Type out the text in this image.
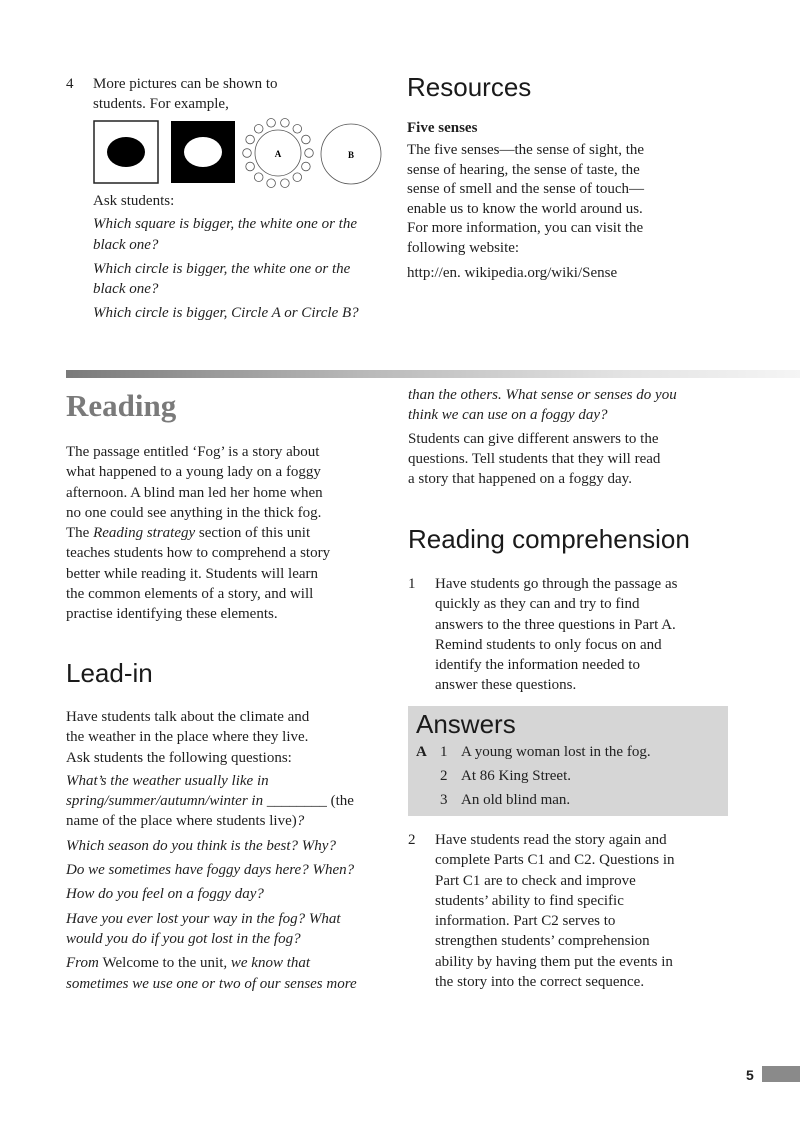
4 More pictures can be shown to

students. For example,

A	B

Ask students:

Which square is bigger, the white one or the

black one?

Which circle is bigger, the white one or the

black one?

Which circle is bigger, Circle A or Circle B?

Resources
Five senses

The five senses—the sense of sight, the

sense of hearing, the sense of taste, the

sense of smell and the sense of touch—

enable us to know the world around us.

For more information, you can visit the

following website:

http://en. wikipedia.org/wiki/Sense

Reading

The passage entitled ‘Fog’ is a story about

what happened to a young lady on a foggy

afternoon. A blind man led her home when

no one could see anything in the thick fog.

The Reading strategy section of this unit

teaches students how to comprehend a story

better while reading it. Students will learn

the common elements of a story, and will

practise identifying these elements.

Lead-in

Have students talk about the climate and

the weather in the place where they live.

Ask students the following questions:

What’s the weather usually like in

spring/summer/autumn/winter in ________ (the

name of the place where students live)?

Which season do you think is the best? Why?

Do we sometimes have foggy days here? When?

How do you feel on a foggy day?

Have you ever lost your way in the fog? What

would you do if you got lost in the fog?

From Welcome to the unit, we know that

sometimes we use one or two of our senses more

than the others. What sense or senses do you

think we can use on a foggy day?

Students can give different answers to the

questions. Tell students that they will read

a story that happened on a foggy day.

Reading comprehension
1 Have students go through the passage as

quickly as they can and try to find

answers to the three questions in Part A.

Remind students to only focus on and

identify the information needed to

answer these questions.

Answers
A 1 A young woman lost in the fog.
2 At 86 King Street.
3 An old blind man.
2 Have students read the story again and

complete Parts C1 and C2. Questions in

Part C1 are to check and improve

students’ ability to find specific

information. Part C2 serves to

strengthen students’ comprehension

ability by having them put the events in

the story into the correct sequence.

5
